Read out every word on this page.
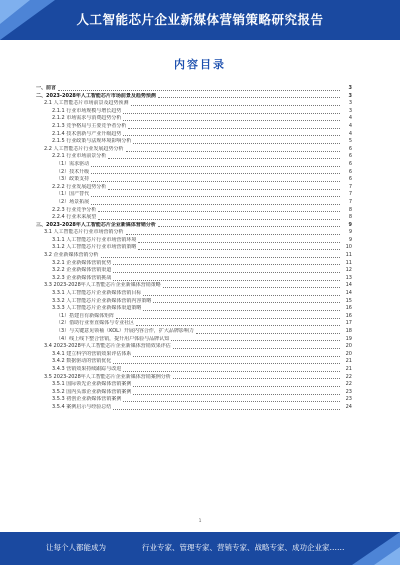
人工智能芯片企业新媒体营销策略研究报告
内容目录
一、前言	3
二、2023-2028年人工智能芯片市场前景及趋势预测	3
2.1 人工智能芯片市场前景及趋势预测	3
2.1.1 行业市场规模与增长趋势	3
2.1.2 市场需求与消费趋势分析	4
2.1.3 竞争格局与主要竞争者分析	4
2.1.4 技术创新与产业升级趋势	4
2.1.5 行业政策与法规环境影响分析	5
2.2 人工智能芯片行业发展趋势分析	6
2.2.1 行业市场前景分析	6
（1）需求驱动	6
（2）技术升级	6
（3）政策支持	6
2.2.2 行业发展趋势分析	7
（1）国产替代	7
（2）场景拓展	7
2.2.3 行业竞争分析	8
2.2.4 行业未来展望	8
三、2023-2028年人工智能芯片企业新媒体营销分析	9
3.1 人工智能芯片行业市场营销分析	9
3.1.1 人工智能芯片行业市场营销环境	9
3.1.2 人工智能芯片行业市场营销策略	10
3.2 企业新媒体营销分析	11
3.2.1 企业新媒体营销优势	11
3.2.2 企业新媒体营销渠道	12
3.2.3 企业新媒体营销挑战	13
3.3 2023-2028年人工智能芯片企业新媒体营销策略	14
3.3.1 人工智能芯片企业新媒体营销目标	14
3.3.2 人工智能芯片企业新媒体营销内容策略	15
3.3.3 人工智能芯片企业新媒体渠道策略	16
（1）搭建自有新媒体矩阵	16
（2）借助行业垂直媒体与专业社区	17
（3）与关键意见领袖（KOL）开展内容合作，扩大品牌影响力	18
（4）线上线下整合营销，提升用户体验与品牌认知	19
3.4 2023-2028年人工智能芯片企业新媒体营销效果评估	20
3.4.1 建立科学的营销效果评估体系	20
3.4.2 数据驱动的营销优化	21
3.4.3 营销效果持续跟踪与改进	21
3.5 2023-2028年人工智能芯片企业新媒体营销案例分析	22
3.5.1 国际领先企业新媒体营销案例	22
3.5.2 国内头部企业新媒体营销案例	23
3.5.3 初创企业新媒体营销案例	23
3.5.4 案例启示与经验总结	24
1
让每个人都能成为	行业专家、管理专家、营销专家、战略专家、成功企业家……
